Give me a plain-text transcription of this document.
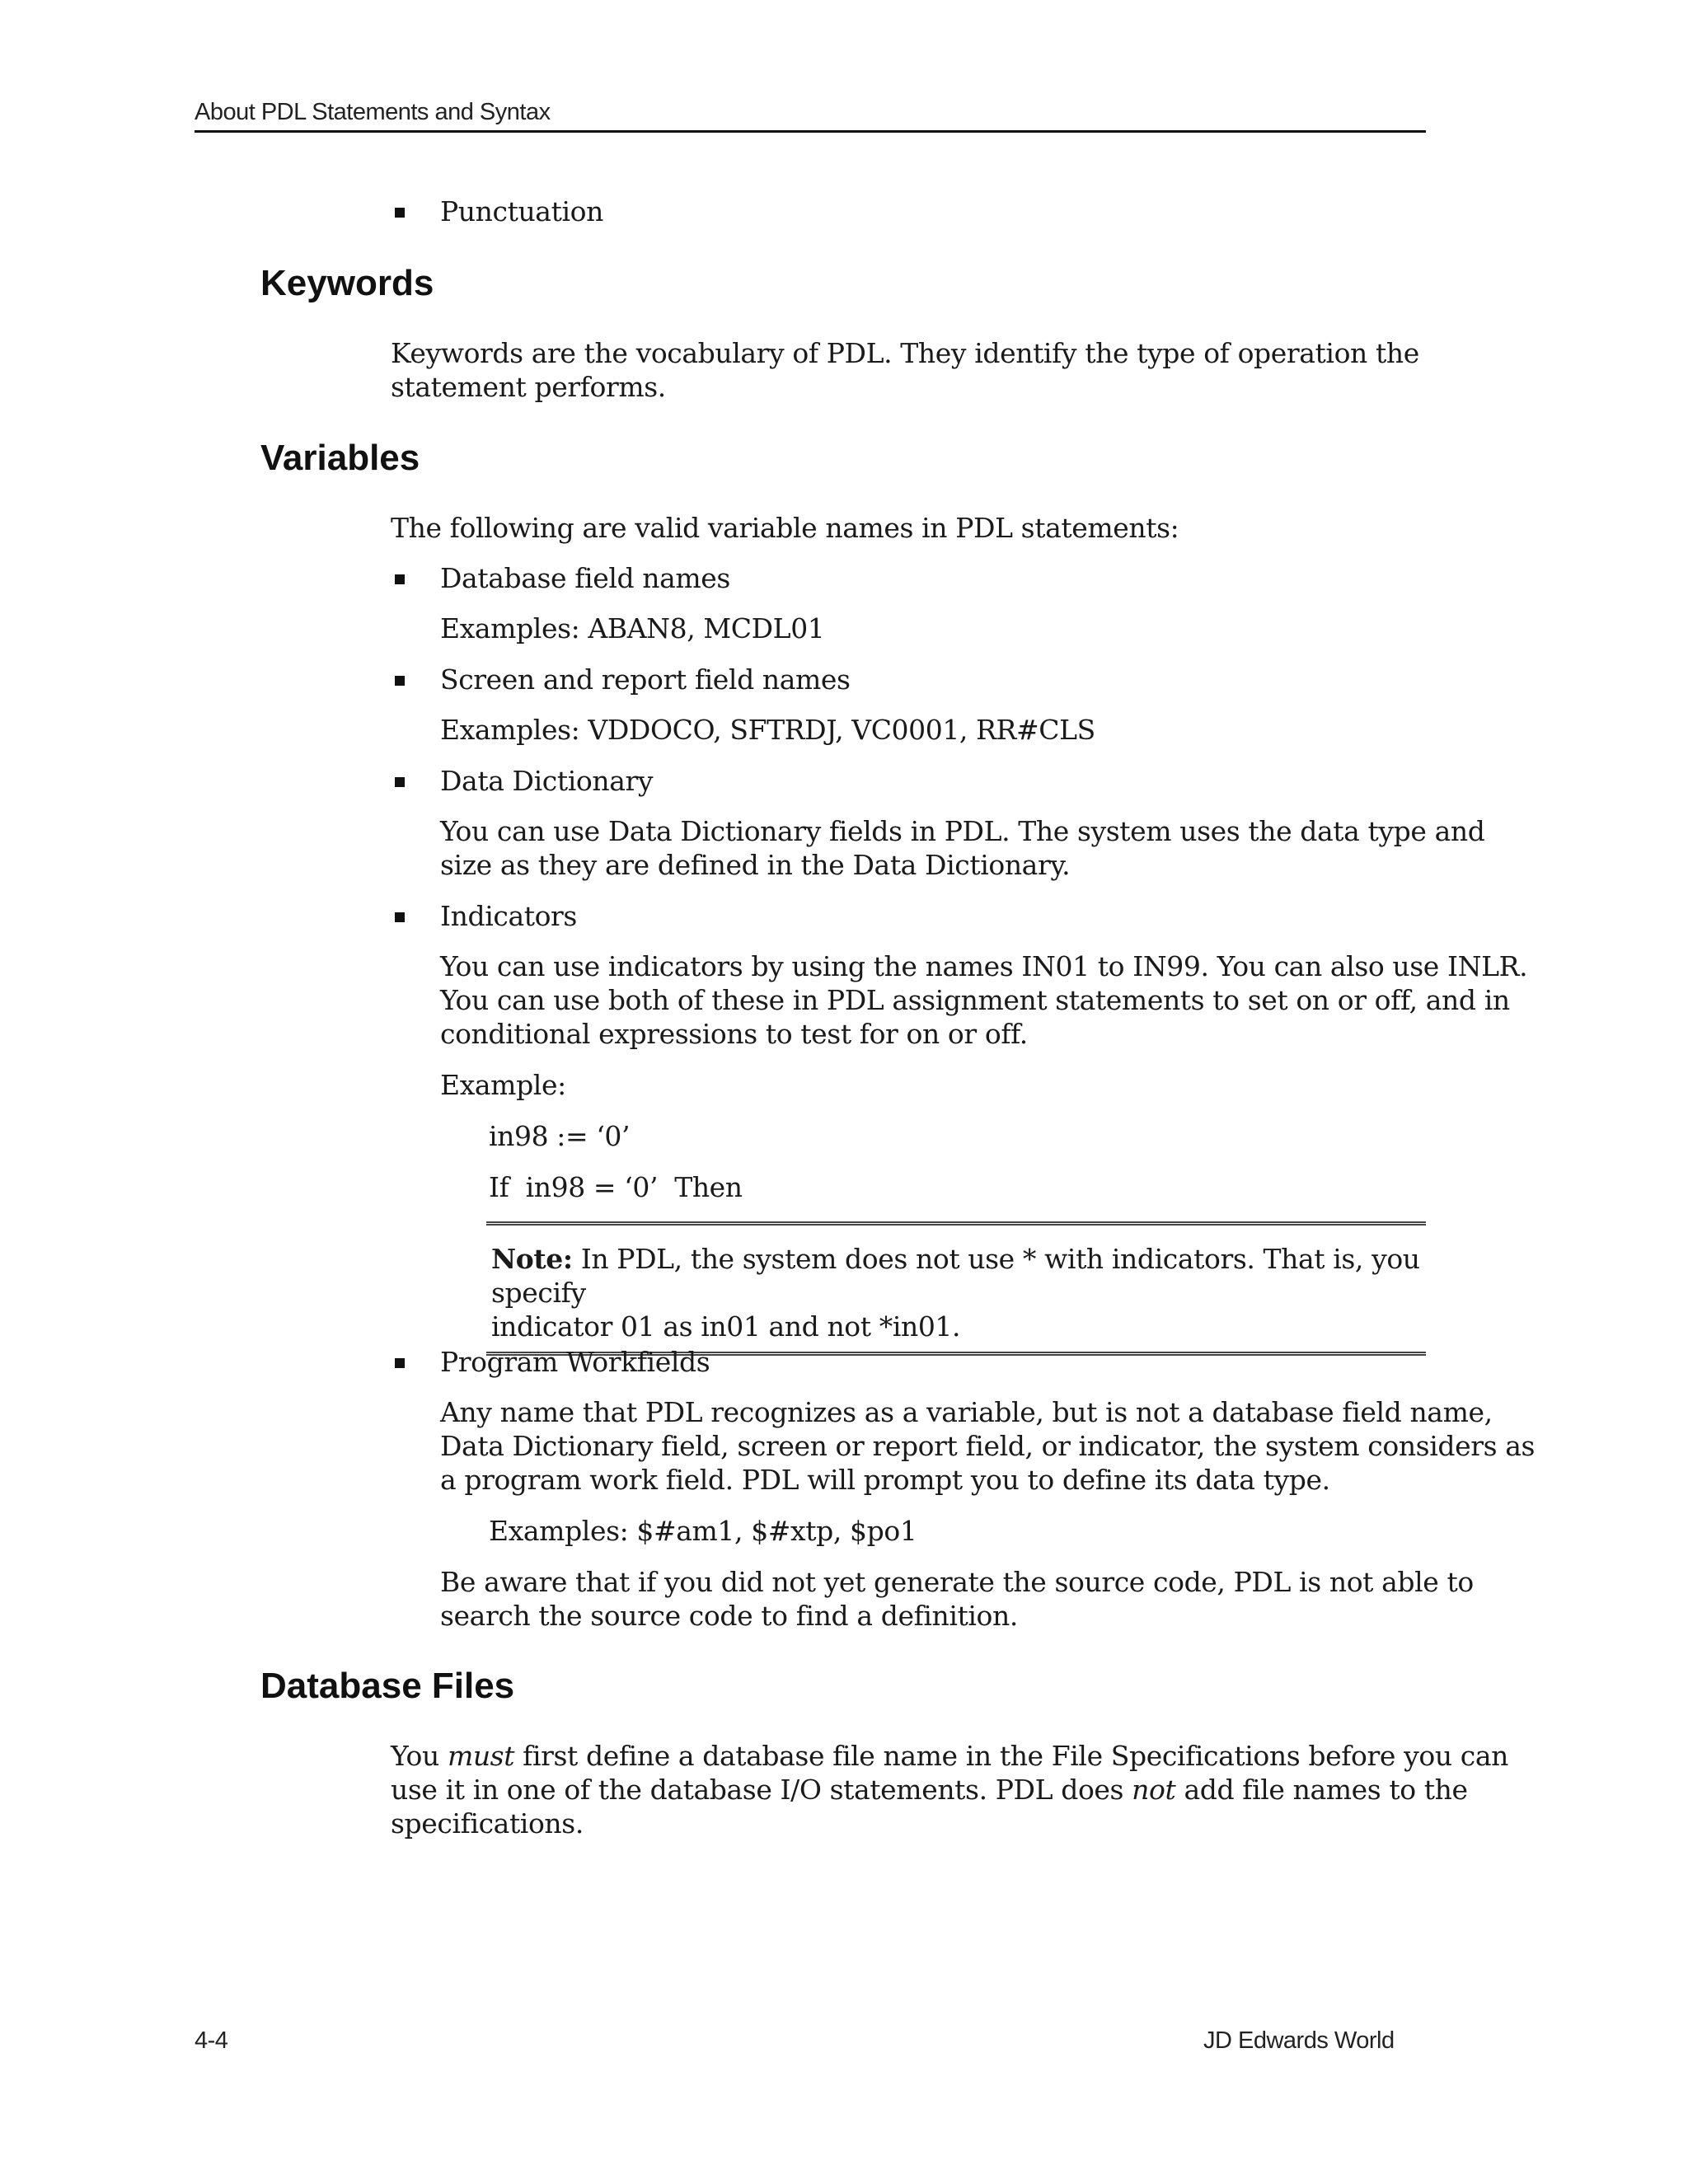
About PDL Statements and Syntax
Punctuation
Keywords
Keywords are the vocabulary of PDL. They identify the type of operation the
statement performs.
Variables
The following are valid variable names in PDL statements:
Database field names
Examples: ABAN8, MCDL01
Screen and report field names
Examples: VDDOCO, SFTRDJ, VC0001, RR#CLS
Data Dictionary
You can use Data Dictionary fields in PDL. The system uses the data type and
size as they are defined in the Data Dictionary.
Indicators
You can use indicators by using the names IN01 to IN99. You can also use INLR.
You can use both of these in PDL assignment statements to set on or off, and in
conditional expressions to test for on or off.
Example:
in98 := ‘0’
If  in98 = ‘0’  Then
Note: In PDL, the system does not use * with indicators. That is, you specify
indicator 01 as in01 and not *in01.
Program Workfields
Any name that PDL recognizes as a variable, but is not a database field name,
Data Dictionary field, screen or report field, or indicator, the system considers as
a program work field. PDL will prompt you to define its data type.
Examples: $#am1, $#xtp, $po1
Be aware that if you did not yet generate the source code, PDL is not able to
search the source code to find a definition.
Database Files
You must first define a database file name in the File Specifications before you can
use it in one of the database I/O statements. PDL does not add file names to the
specifications.
4-4	JD Edwards World
